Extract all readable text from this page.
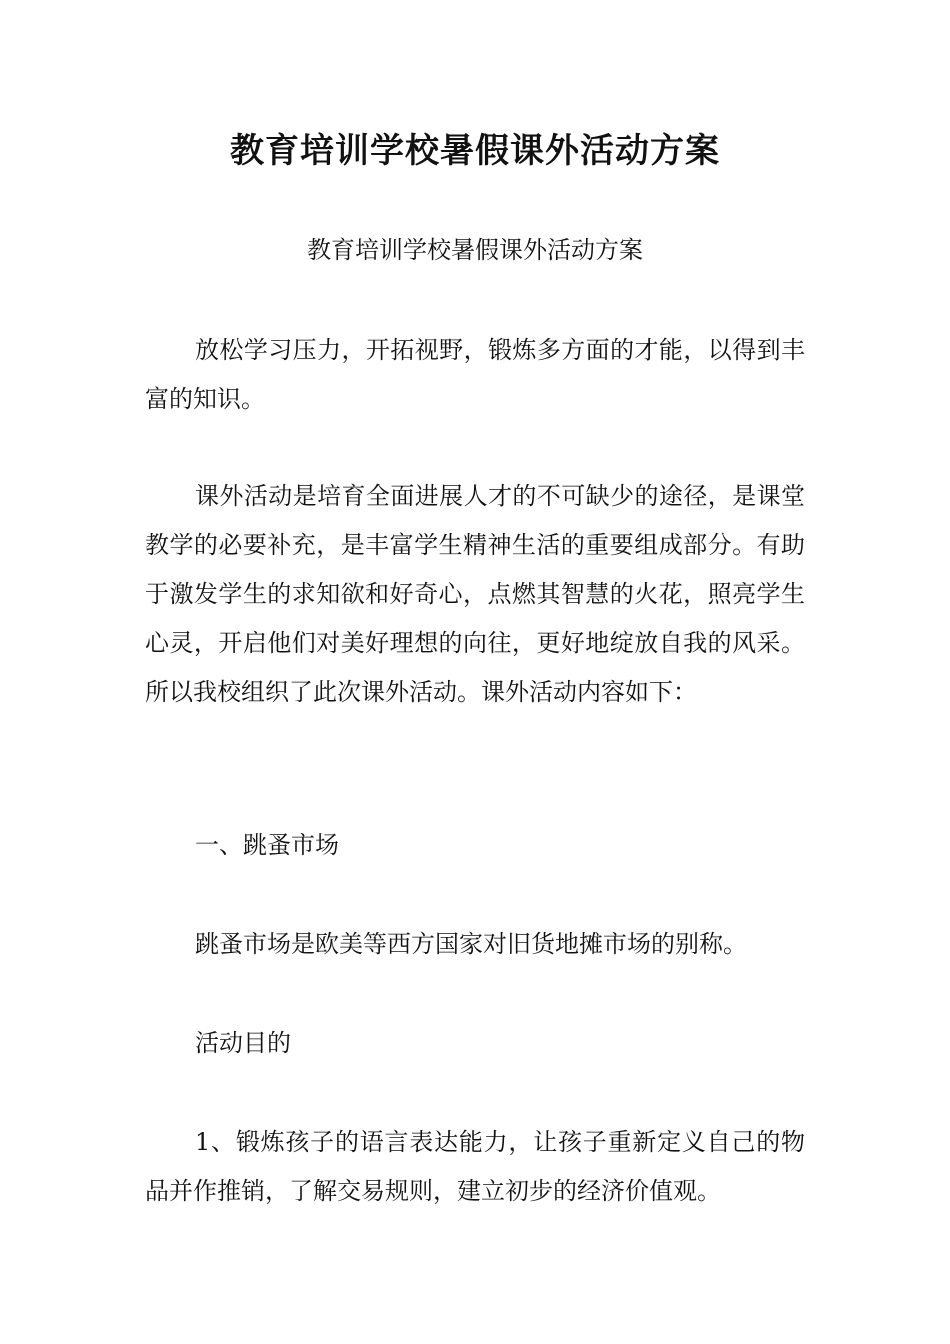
教育培训学校暑假课外活动方案

教育培训学校暑假课外活动方案

放松学习压力，开拓视野，锻炼多方面的才能，以得到丰富的知识。

课外活动是培育全面进展人才的不可缺少的途径，是课堂教学的必要补充，是丰富学生精神生活的重要组成部分。有助于激发学生的求知欲和好奇心，点燃其智慧的火花，照亮学生心灵，开启他们对美好理想的向往，更好地绽放自我的风采。所以我校组织了此次课外活动。课外活动内容如下：

一、跳蚤市场

跳蚤市场是欧美等西方国家对旧货地摊市场的别称。

活动目的

1、锻炼孩子的语言表达能力，让孩子重新定义自己的物品并作推销，了解交易规则，建立初步的经济价值观。
